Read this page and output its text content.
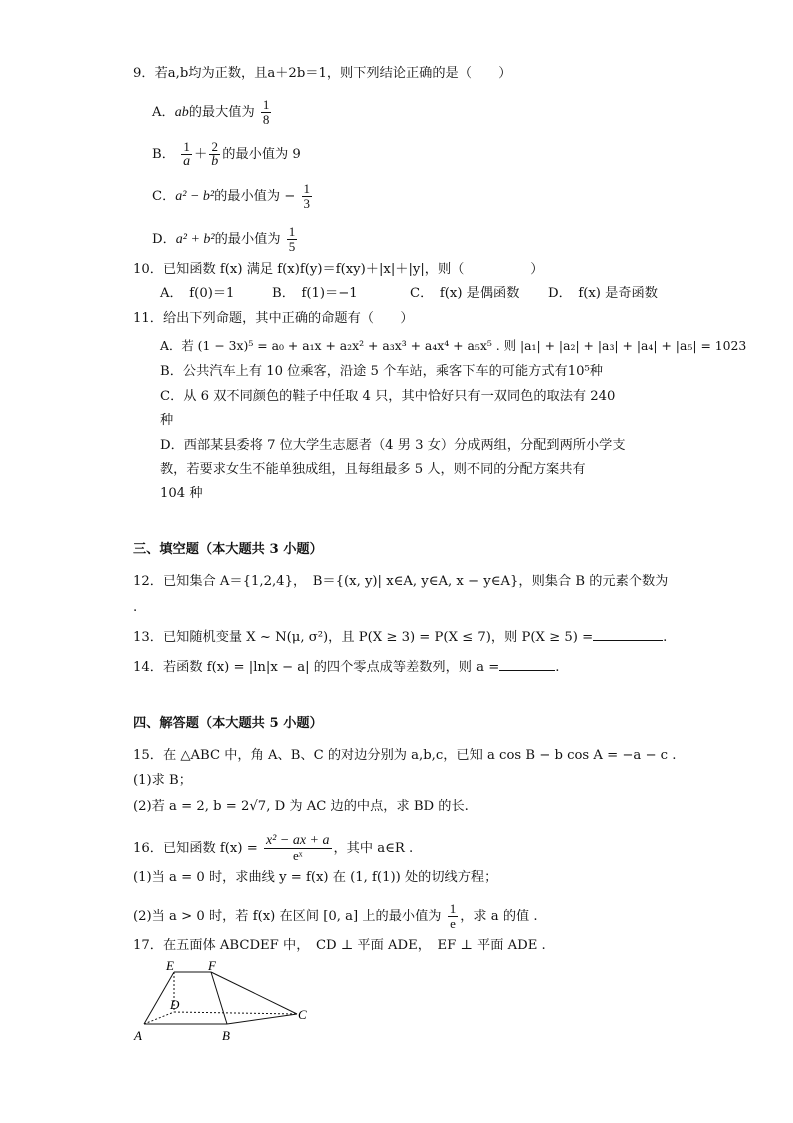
9．若a,b均为正数，且a＋2b＝1，则下列结论正确的是（　　）
A．ab的最大值为 $\frac{1}{8}$
B． $\frac{1}{a} + \frac{2}{b}$ 的最小值为 9
C．a² − b²的最小值为 − $\frac{1}{3}$
D．a² + b²的最小值为 $\frac{1}{5}$
10．已知函数 f(x) 满足 f(x)f(y)＝f(xy)＋|x|＋|y|，则（　　　　　）
A．　f(0)＝1	B．　f(1)＝−1	C．　f(x) 是偶函数 D．　f(x) 是奇函数
11．给出下列命题，其中正确的命题有（　　）
A．若 (1 − 3x)⁵ = a₀ + a₁x + a₂x² + a₃x³ + a₄x⁴ + a₅x⁵ . 则 |a₁| + |a₂| + |a₃| + |a₄| + |a₅| = 1023
B．公共汽车上有 10 位乘客，沿途 5 个车站，乘客下车的可能方式有10⁵种
C．从 6 双不同颜色的鞋子中任取 4 只，其中恰好只有一双同色的取法有 240
种
D．西部某县委将 7 位大学生志愿者（4 男 3 女）分成两组，分配到两所小学支
教，若要求女生不能单独成组，且每组最多 5 人，则不同的分配方案共有
104 种
三、填空题（本大题共 3 小题）
12．已知集合 A＝{1,2,4}，　B＝{(x, y)| x∈A, y∈A, x − y∈A}，则集合 B 的元素个数为
.
13．已知随机变量 X ~ N(μ, σ²)，且 P(X ≥ 3) = P(X ≤ 7)，则 P(X ≥ 5) =	.
14．若函数 f(x) = |ln|x − a| 的四个零点成等差数列，则 a =	.
四、解答题（本大题共 5 小题）
15．在 △ABC 中，角 A、B、C 的对边分别为 a,b,c，已知 a cos B − b cos A = −a − c .
(1)求 B；
(2)若 a = 2, b = 2√7, D 为 AC 边的中点，求 BD 的长.
16．已知函数 $f(x) = \frac{\text{x² − ax + a}}{\text{eˣ}}$ ，其中 a∈R .
(1)当 a = 0 时，求曲线 y = f(x) 在 (1, f(1)) 处的切线方程；
(2)当 a > 0 时，若 f(x) 在区间 [0, a] 上的最小值为 $\frac{1}{e}$ ，求 a 的值 .
17．在五面体 ABCDEF 中，　CD ⊥ 平面 ADE，　EF ⊥ 平面 ADE .
E	F
D
C
A	B
